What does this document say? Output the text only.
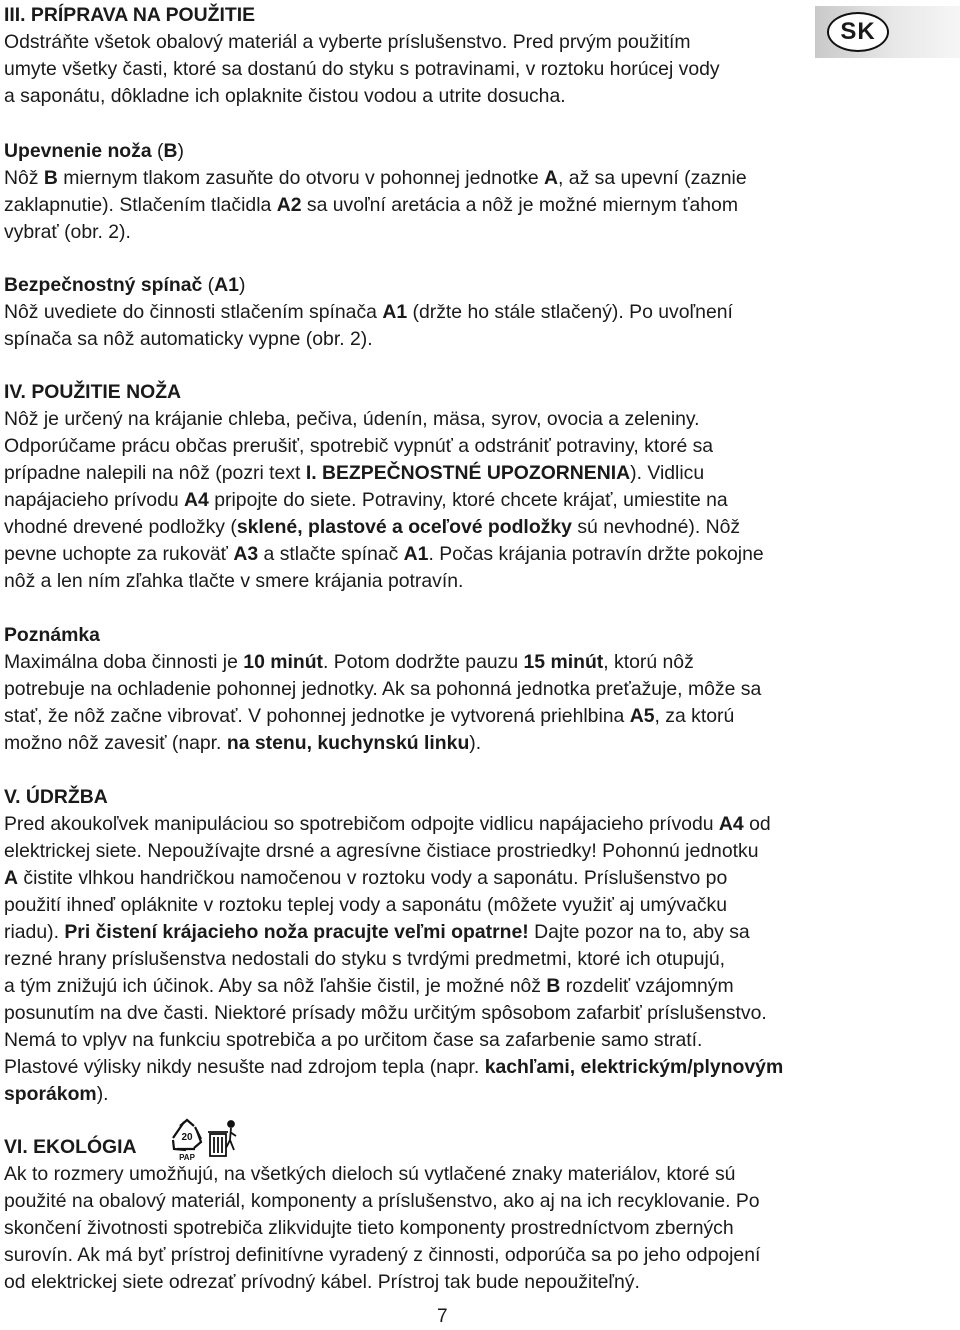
SK
III. PRÍPRAVA NA POUŽITIE
Odstráňte všetok obalový materiál a vyberte príslušenstvo. Pred prvým použitím
umyte všetky časti, ktoré sa dostanú do styku s potravinami, v roztoku horúcej vody
a saponátu, dôkladne ich oplaknite čistou vodou a utrite dosucha.
Upevnenie noža (B)
Nôž B miernym tlakom zasuňte do otvoru v pohonnej jednotke A, až sa upevní (zaznie
zaklapnutie). Stlačením tlačidla A2 sa uvoľní aretácia a nôž je možné miernym ťahom
vybrať (obr. 2).
Bezpečnostný spínač (A1)
Nôž uvediete do činnosti stlačením spínača A1 (držte ho stále stlačený). Po uvoľnení
spínača sa nôž automaticky vypne (obr. 2).
IV. POUŽITIE NOŽA
Nôž je určený na krájanie chleba, pečiva, údenín, mäsa, syrov, ovocia a zeleniny.
Odporúčame prácu občas prerušiť, spotrebič vypnúť a odstrániť potraviny, ktoré sa
prípadne nalepili na nôž (pozri text I. BEZPEČNOSTNÉ UPOZORNENIA). Vidlicu
napájacieho prívodu A4 pripojte do siete. Potraviny, ktoré chcete krájať, umiestite na
vhodné drevené podložky (sklené, plastové a oceľové podložky sú nevhodné). Nôž
pevne uchopte za rukoväť A3 a stlačte spínač A1. Počas krájania potravín držte pokojne
nôž a len ním zľahka tlačte v smere krájania potravín.
Poznámka
Maximálna doba činnosti je 10 minút. Potom dodržte pauzu 15 minút, ktorú nôž
potrebuje na ochladenie pohonnej jednotky. Ak sa pohonná jednotka preťažuje, môže sa
stať, že nôž začne vibrovať. V pohonnej jednotke je vytvorená priehlbina A5, za ktorú
možno nôž zavesiť (napr. na stenu, kuchynskú linku).
V. ÚDRŽBA
Pred akoukoľvek manipuláciou so spotrebičom odpojte vidlicu napájacieho prívodu A4 od
elektrickej siete. Nepoužívajte drsné a agresívne čistiace prostriedky! Pohonnú jednotku
A čistite vlhkou handričkou namočenou v roztoku vody a saponátu. Príslušenstvo po
použití ihneď opláknite v roztoku teplej vody a saponátu (môžete využiť aj umývačku
riadu). Pri čistení krájacieho noža pracujte veľmi opatrne! Dajte pozor na to, aby sa
rezné hrany príslušenstva nedostali do styku s tvrdými predmetmi, ktoré ich otupujú,
a tým znižujú ich účinok. Aby sa nôž ľahšie čistil, je možné nôž B rozdeliť vzájomným
posunutím na dve časti. Niektoré prísady môžu určitým spôsobom zafarbiť príslušenstvo.
Nemá to vplyv na funkciu spotrebiča a po určitom čase sa zafarbenie samo stratí.
Plastové výlisky nikdy nesušte nad zdrojom tepla (napr. kachľami, elektrickým/plynovým
sporákom).
VI. EKOLÓGIA
Ak to rozmery umožňujú, na všetkých dieloch sú vytlačené znaky materiálov, ktoré sú
použité na obalový materiál, komponenty a príslušenstvo, ako aj na ich recyklovanie. Po
skončení životnosti spotrebiča zlikvidujte tieto komponenty prostredníctvom zberných
surovín. Ak má byť prístroj definitívne vyradený z činnosti, odporúča sa po jeho odpojení
od elektrickej siete odrezať prívodný kábel. Prístroj tak bude nepoužiteľný.
20
PAP
7
